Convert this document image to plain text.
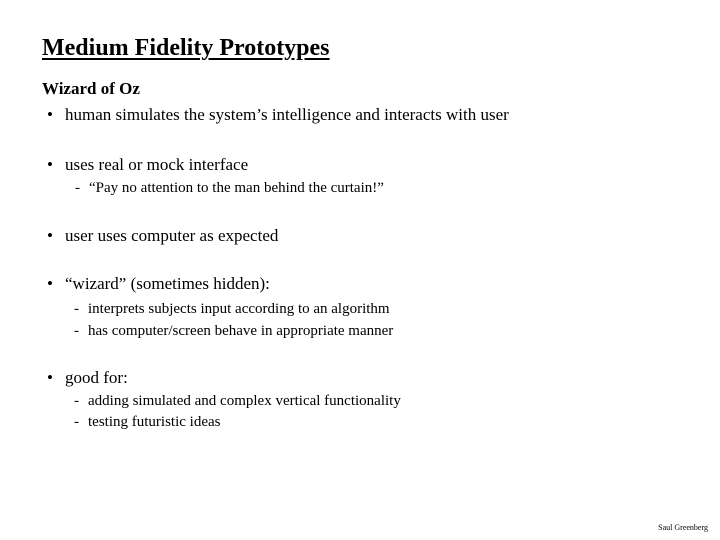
Medium Fidelity Prototypes
Wizard of Oz
• human simulates the system’s intelligence and interacts with user
• uses real or mock interface
- “Pay no attention to the man behind the curtain!”
• user uses computer as expected
• “wizard” (sometimes hidden):
- interprets subjects input according to an algorithm
- has computer/screen behave in appropriate manner
• good for:
- adding simulated and complex vertical functionality
- testing futuristic ideas
Saul Greenberg
